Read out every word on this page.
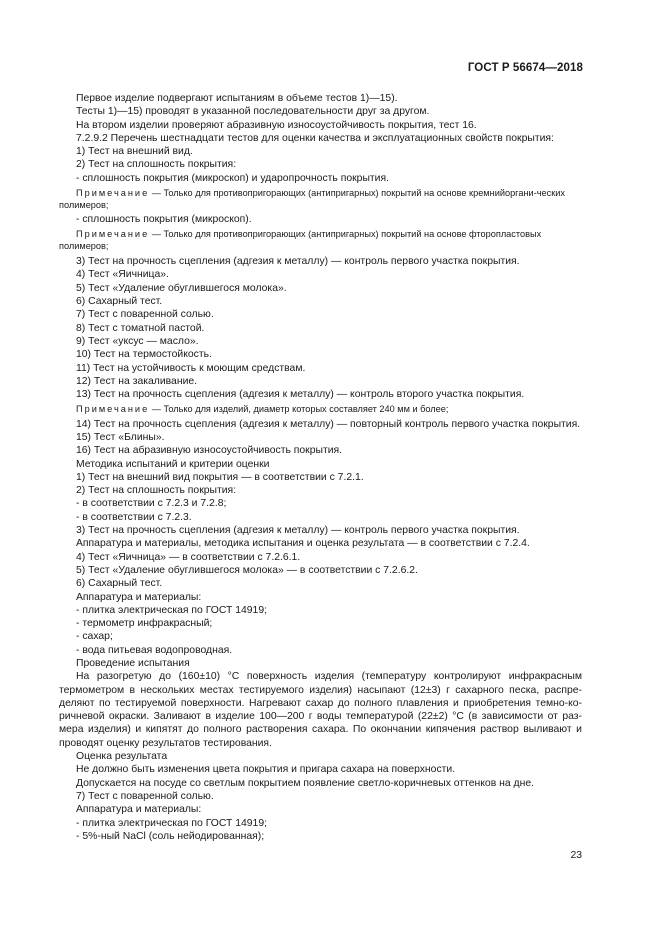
ГОСТ Р 56674—2018

Первое изделие подвергают испытаниям в объеме тестов 1)—15).

Тесты 1)—15) проводят в указанной последовательности друг за другом.

На втором изделии проверяют абразивную износоустойчивость покрытия, тест 16.

7.2.9.2 Перечень шестнадцати тестов для оценки качества и эксплуатационных свойств покрытия:

1) Тест на внешний вид.

2) Тест на сплошность покрытия:

- сплошность покрытия (микроскоп) и ударопрочность покрытия.

Примечание — Только для противопригорающих (антипригарных) покрытий на основе кремнийоргани-ческих полимеров;

- сплошность покрытия (микроскоп).

Примечание — Только для противопригорающих (антипригарных) покрытий на основе фторопластовых полимеров;

3) Тест на прочность сцепления (адгезия к металлу) — контроль первого участка покрытия.

4) Тест «Яичница».

5) Тест «Удаление обуглившегося молока».

6) Сахарный тест.

7) Тест с поваренной солью.

8) Тест с томатной пастой.

9) Тест «уксус — масло».

10) Тест на термостойкость.

11) Тест на устойчивость к моющим средствам.

12) Тест на закаливание.

13) Тест на прочность сцепления (адгезия к металлу) — контроль второго участка покрытия.

Примечание — Только для изделий, диаметр которых составляет 240 мм и более;

14) Тест на прочность сцепления (адгезия к металлу) — повторный контроль первого участка покрытия.

15) Тест «Блины».

16) Тест на абразивную износоустойчивость покрытия.

Методика испытаний и критерии оценки

1) Тест на внешний вид покрытия — в соответствии с 7.2.1.

2) Тест на сплошность покрытия:

- в соответствии с 7.2.3 и 7.2.8;

- в соответствии с 7.2.3.

3) Тест на прочность сцепления (адгезия к металлу) — контроль первого участка покрытия.

Аппаратура и материалы, методика испытания и оценка результата — в соответствии с 7.2.4.

4) Тест «Яичница» — в соответствии с 7.2.6.1.

5) Тест «Удаление обуглившегося молока» — в соответствии с 7.2.6.2.

6) Сахарный тест.

Аппаратура и материалы:

- плитка электрическая по ГОСТ 14919;

- термометр инфракрасный;

- сахар;

- вода питьевая водопроводная.

Проведение испытания

На разогретую до (160±10) °С поверхность изделия (температуру контролируют инфракрасным термометром в нескольких местах тестируемого изделия) насыпают (12±3) г сахарного песка, распре-деляют по тестируемой поверхности. Нагревают сахар до полного плавления и приобретения темно-ко-ричневой окраски. Заливают в изделие 100—200 г воды температурой (22±2) °С (в зависимости от раз-мера изделия) и кипятят до полного растворения сахара. По окончании кипячения раствор выливают и проводят оценку результатов тестирования.

Оценка результата

Не должно быть изменения цвета покрытия и пригара сахара на поверхности.

Допускается на посуде со светлым покрытием появление светло-коричневых оттенков на дне.

7) Тест с поваренной солью.

Аппаратура и материалы:

- плитка электрическая по ГОСТ 14919;

- 5%-ный NaCl (соль нейодированная);

23
